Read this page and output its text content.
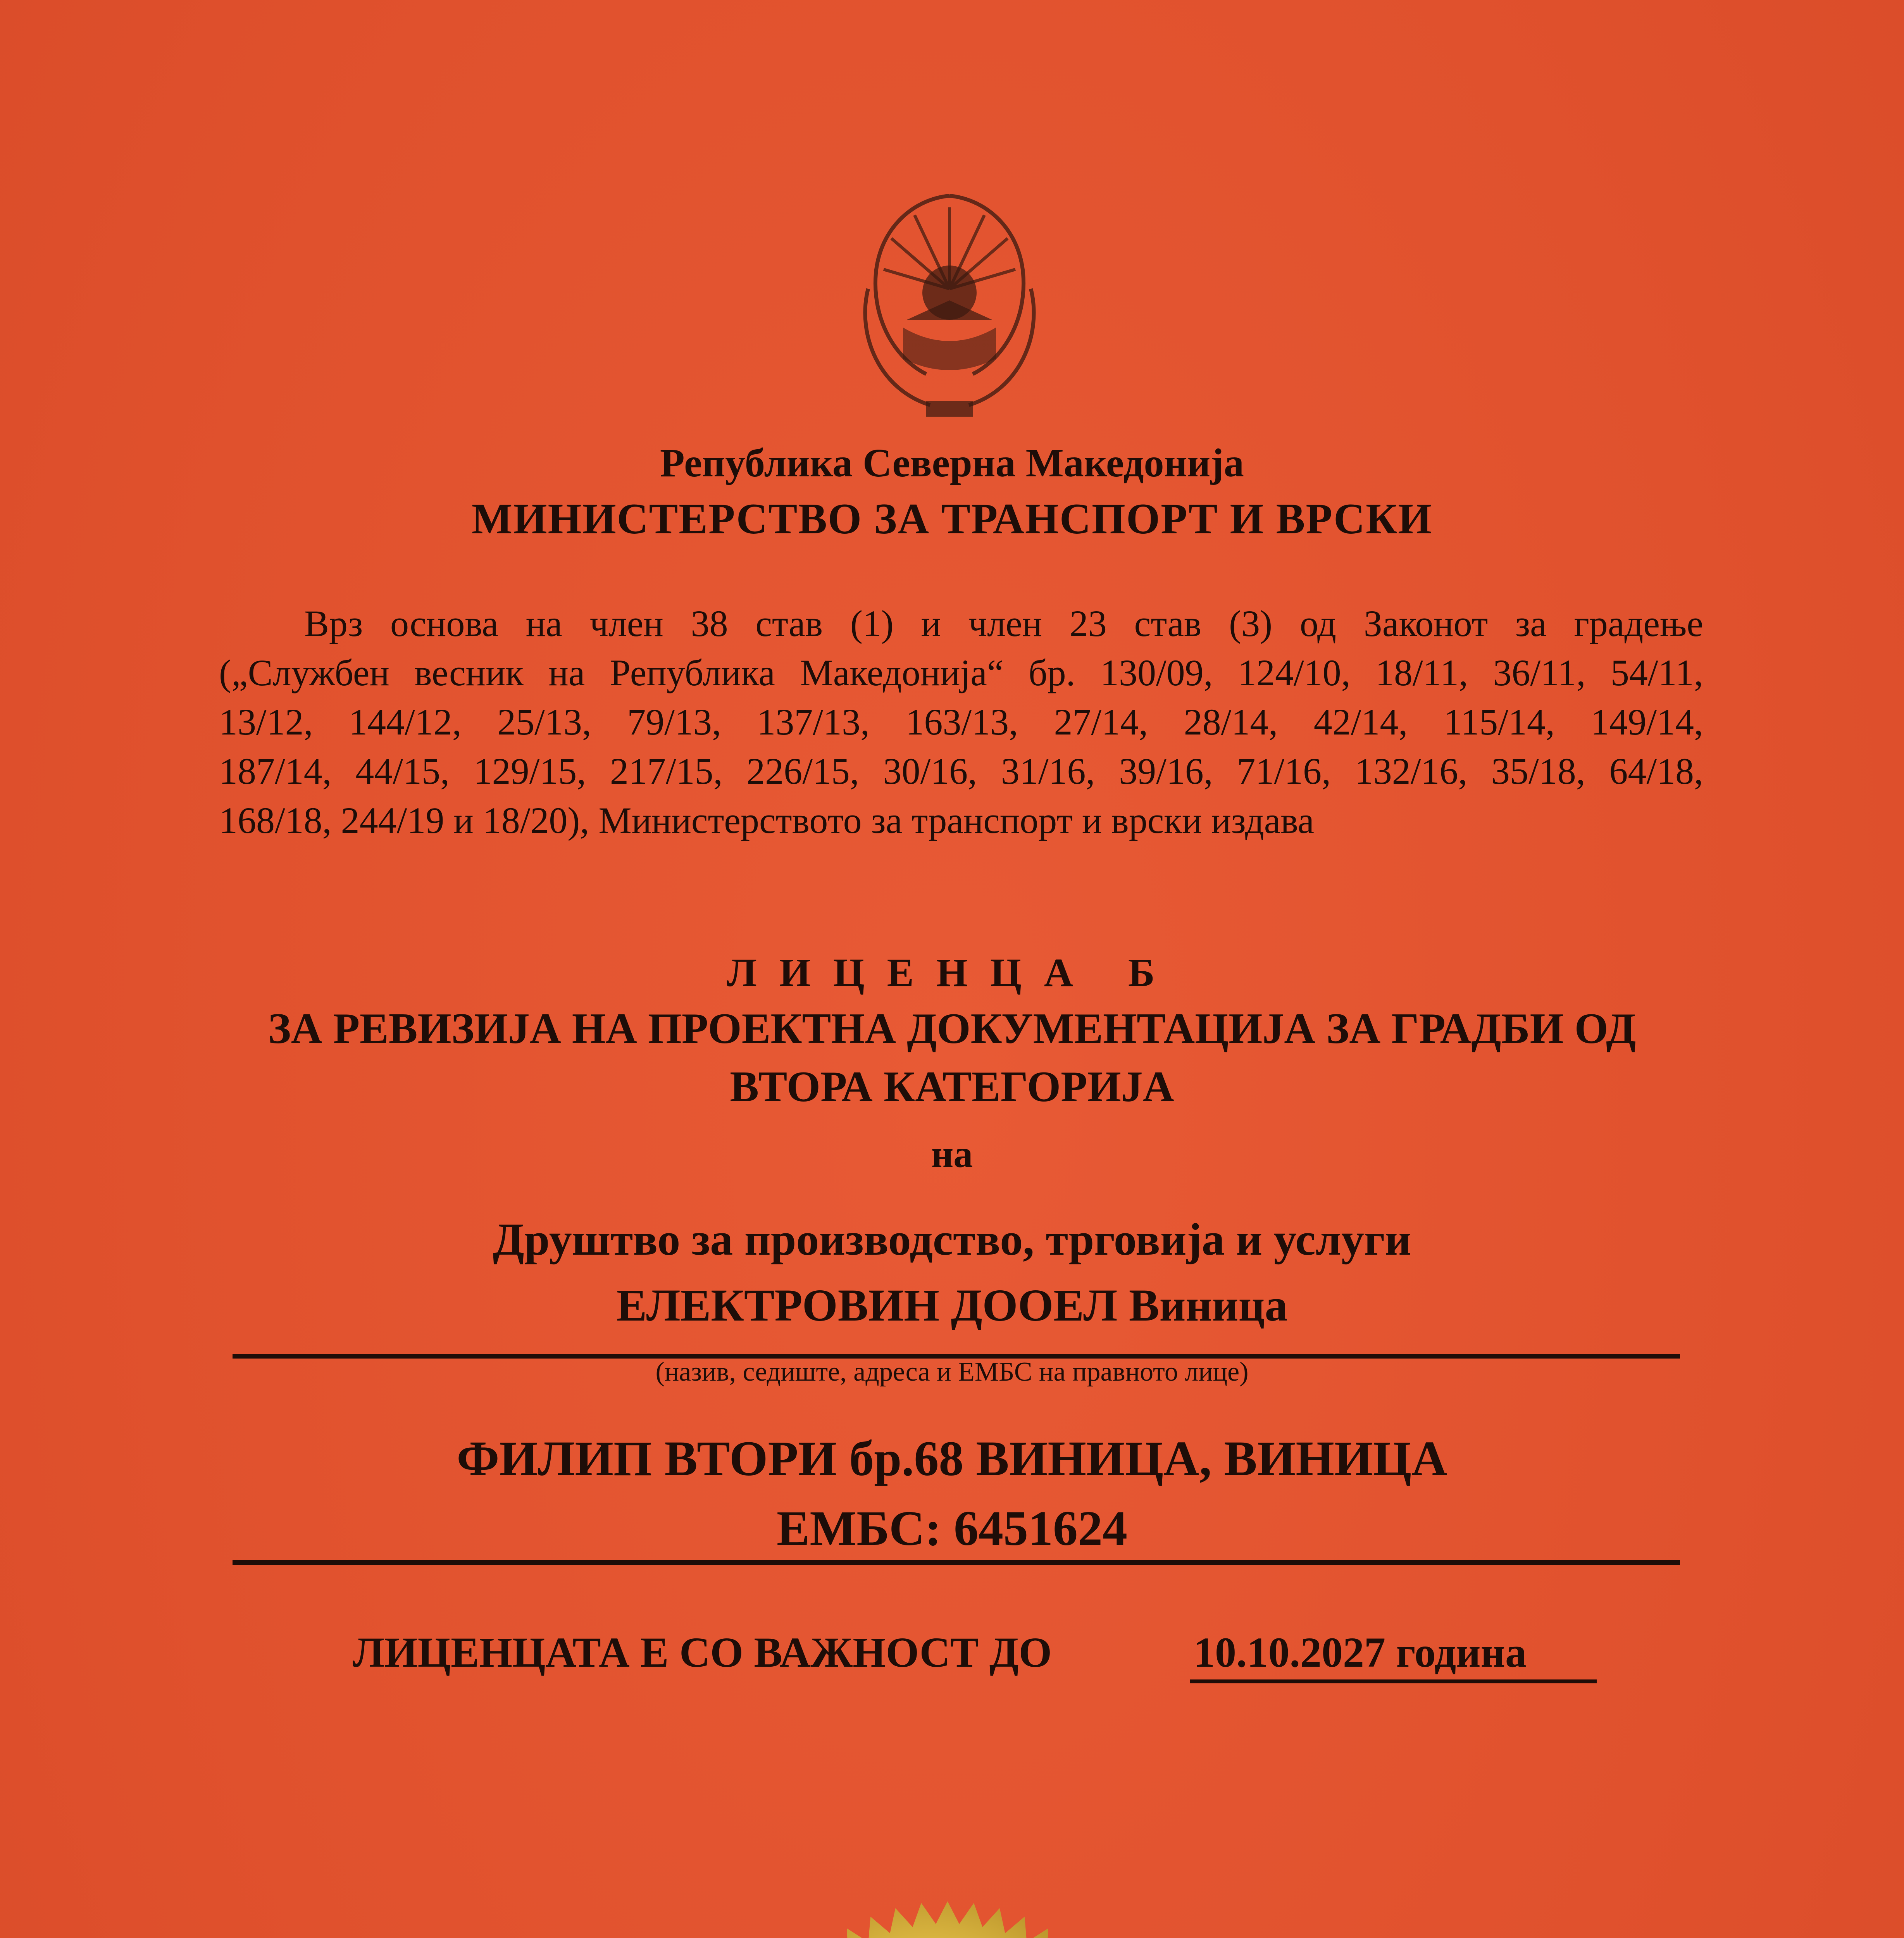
Република Северна Македонија
МИНИСТЕРСТВО ЗА ТРАНСПОРТ И ВРСКИ
Врз основа на член 38 став (1) и член 23 став (3) од Законот за градење
(„Службен весник на Република Македонија“ бр. 130/09, 124/10, 18/11, 36/11, 54/11,
13/12, 144/12, 25/13, 79/13, 137/13, 163/13, 27/14, 28/14, 42/14, 115/14, 149/14,
187/14, 44/15, 129/15, 217/15, 226/15, 30/16, 31/16, 39/16, 71/16, 132/16, 35/18, 64/18,
168/18, 244/19 и 18/20), Министерството за транспорт и врски издава
ЛИЦЕНЦА Б
ЗА РЕВИЗИЈА НА ПРОЕКТНА ДОКУМЕНТАЦИЈА ЗА ГРАДБИ ОД
ВТОРА КАТЕГОРИЈА
на
Друштво за производство, трговија и услуги
ЕЛЕКТРОВИН ДООЕЛ Виница
(назив, седиште, адреса и ЕМБС на правното лице)
ФИЛИП ВТОРИ бр.68 ВИНИЦА, ВИНИЦА
ЕМБС: 6451624
ЛИЦЕНЦАТА Е СО ВАЖНОСТ ДО	10.10.2027 година
